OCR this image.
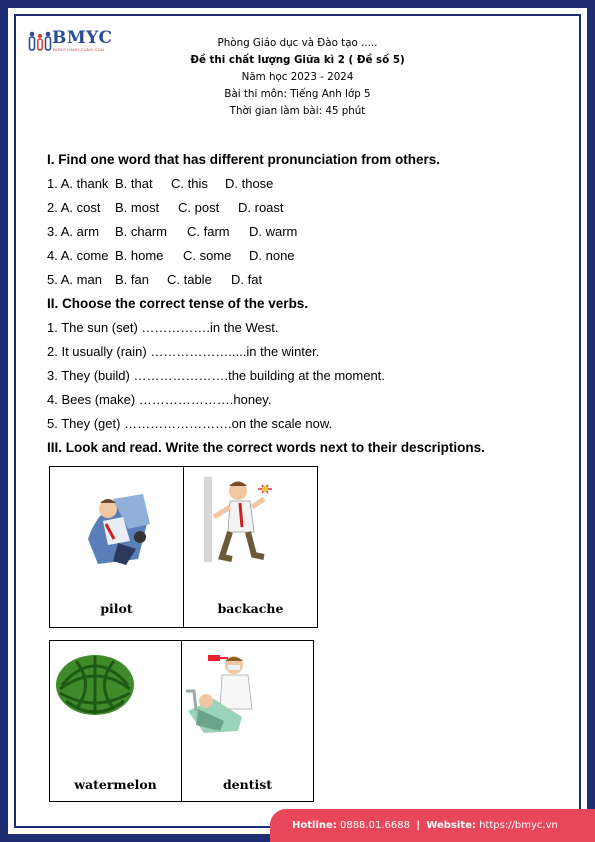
BMYC
ĐỒNG HÀNH CÙNG CON
Phòng Giáo dục và Đào tạo .....
Đề thi chất lượng Giữa kì 2 ( Đề số 5)
Năm học 2023 - 2024
Bài thi môn: Tiếng Anh lớp 5
Thời gian làm bài: 45 phút
I. Find one word that has different pronunciation from others.
1. A. thank B. that C. this D. those
2. A. cost B. most C. post D. roast
3. A. arm B. charm C. farm D. warm
4. A. come B. home C. some D. none
5. A. man B. fan C. table D. fat
II. Choose the correct tense of the verbs.
1. The sun (set) …………….in the West.
2. It usually (rain) ……………….....in the winter.
3. They (build) ………………….the building at the moment.
4. Bees (make) ………………….honey.
5. They (get) …………………….on the scale now.
III. Look and read. Write the correct words next to their descriptions.
pilot	backache
watermelon	dentist
Hotline: 0888.01.6688 | Website: https://bmyc.vn
